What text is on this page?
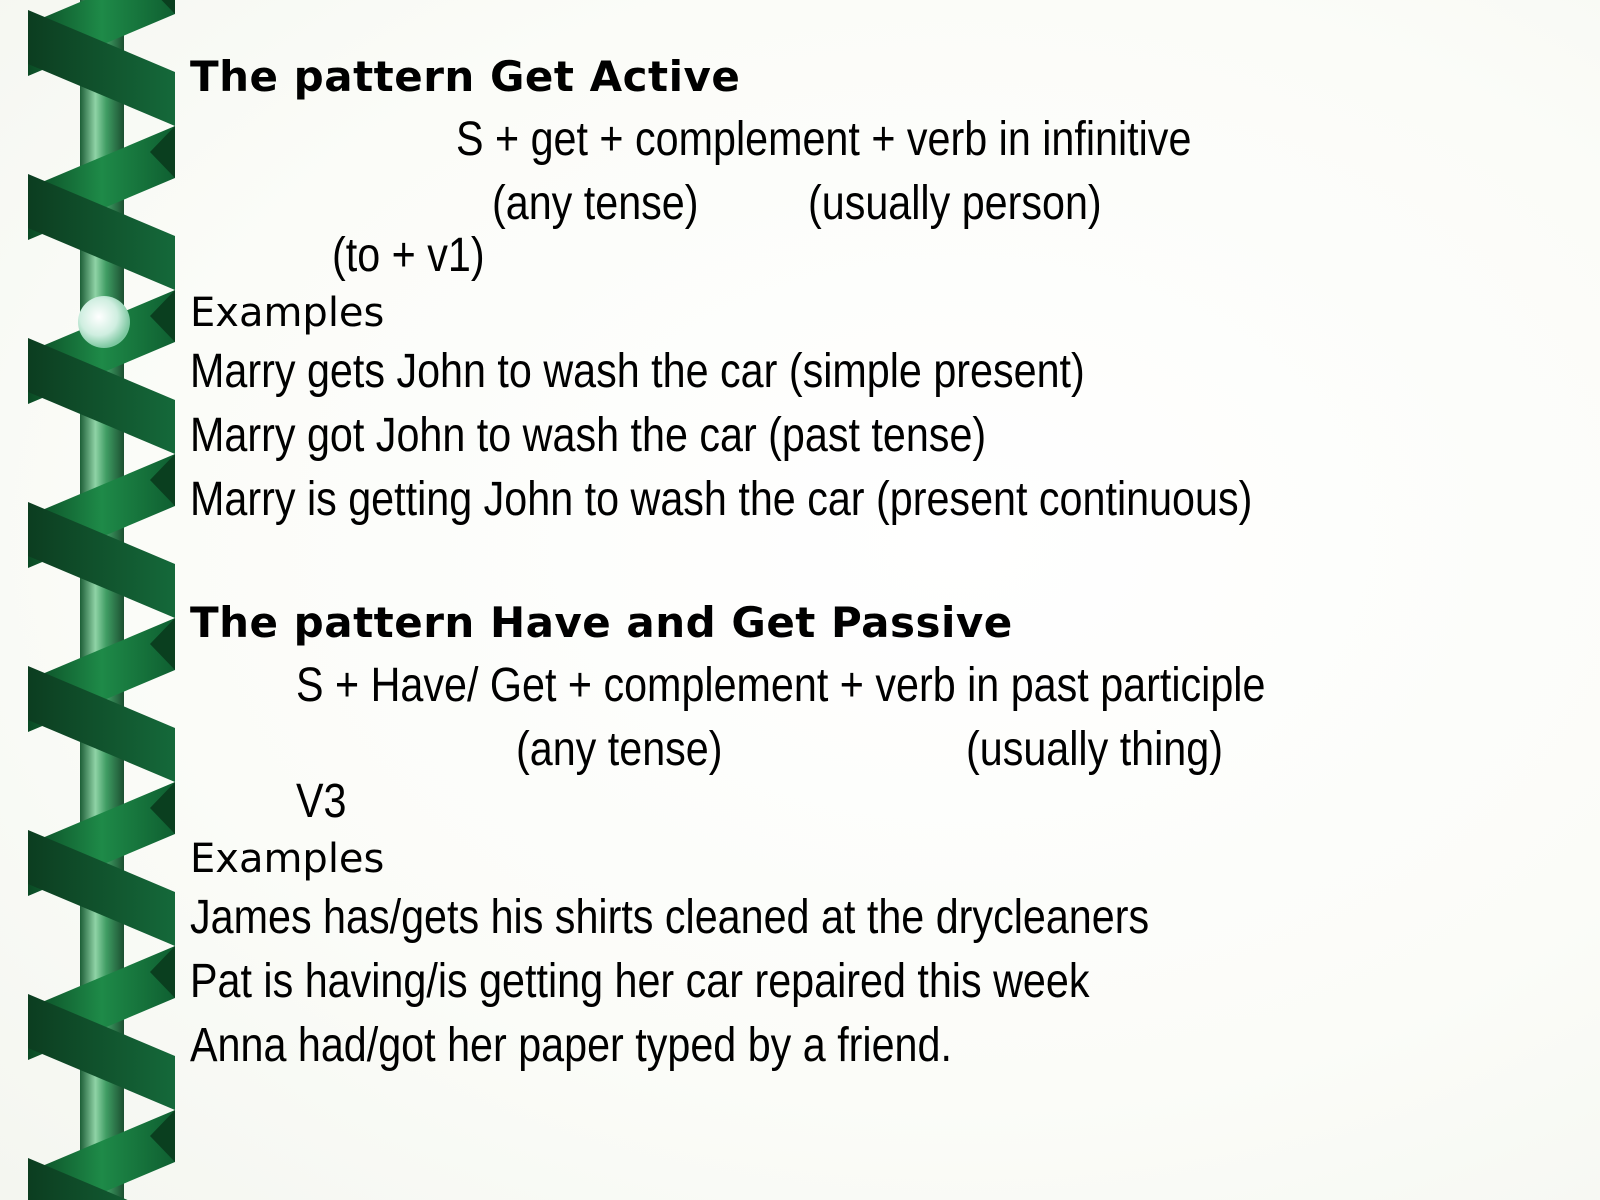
The pattern Get Active
S + get + complement + verb in infinitive
(any tense) (usually person)
(to + v1)
Examples
Marry gets John to wash the car (simple present)
Marry got John to wash the car (past tense)
Marry is getting John to wash the car (present continuous)
The pattern Have and Get Passive
S + Have/ Get + complement + verb in past participle
(any tense)	(usually thing)
V3
Examples
James has/gets his shirts cleaned at the drycleaners
Pat is having/is getting her car repaired this week
Anna had/got her paper typed by a friend.
